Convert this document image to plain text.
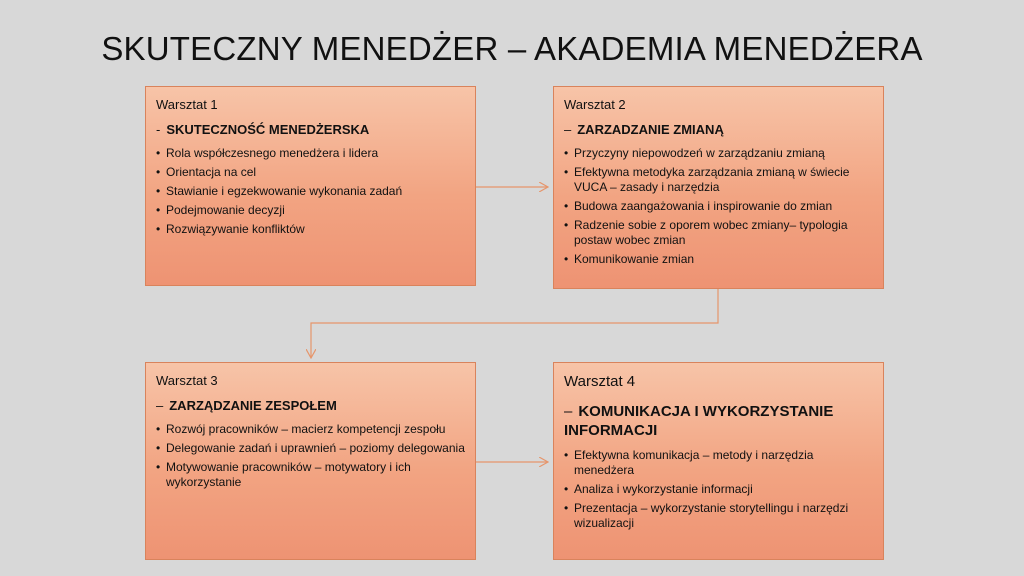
SKUTECZNY MENEDŻER – AKADEMIA MENEDŻERA
Warsztat 1
- SKUTECZNOŚĆ MENEDŻERSKA
• Rola współczesnego menedżera i lidera
• Orientacja na cel
• Stawianie i egzekwowanie wykonania zadań
• Podejmowanie decyzji
• Rozwiązywanie konfliktów
Warsztat 2
– ZARZADZANIE ZMIANĄ
• Przyczyny niepowodzeń w zarządzaniu zmianą
• Efektywna metodyka zarządzania zmianą w świecie VUCA – zasady i narzędzia
• Budowa zaangażowania i inspirowanie do zmian
• Radzenie sobie z oporem wobec zmiany– typologia postaw wobec zmian
• Komunikowanie zmian
Warsztat 3
– ZARZĄDZANIE ZESPOŁEM
• Rozwój pracowników – macierz kompetencji zespołu
• Delegowanie zadań i uprawnień – poziomy delegowania
• Motywowanie pracowników – motywatory i ich wykorzystanie
Warsztat 4
– KOMUNIKACJA I WYKORZYSTANIE INFORMACJI
• Efektywna komunikacja – metody i narzędzia menedżera
• Analiza i wykorzystanie informacji
• Prezentacja – wykorzystanie storytellingu i narzędzi wizualizacji
